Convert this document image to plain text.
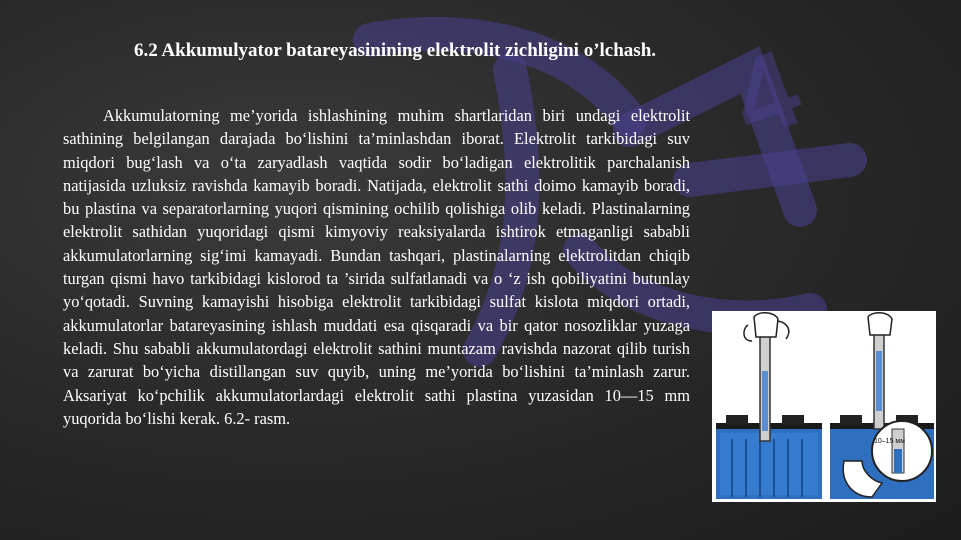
4
6.2 Akkumulyator batareyasinining elektrolit zichligini o’lchash.

Akkumulatorning me’yorida ishlashining muhim shartlaridan biri undagi elektrolit sathining belgilangan darajada bo‘lishini ta’minlashdan iborat. Elektrolit tarkibidagi suv miqdori bug‘lash va o‘ta zaryadlash vaqtida sodir bo‘ladigan elektrolitik parchalanish natijasida uzluksiz ravishda kamayib boradi. Natijada, elektrolit sathi doimo kamayib boradi, bu plastina va separatorlarning yuqori qismining ochilib qolishiga olib keladi. Plastinalarning elektrolit sathidan yuqoridagi qismi kimyoviy reaksiyalarda ishtirok etmaganligi sababli akkumulatorlarning sig‘imi kamayadi. Bundan tashqari, plastinalarning elektrolitdan chiqib turgan qismi havo tarkibidagi kislorod ta ’sirida sulfatlanadi va o ‘z ish qobiliyatini butunlay yo‘qotadi. Suvning kamayishi hisobiga elektrolit tarkibidagi sulfat kislota miqdori ortadi, akkumulatorlar batareyasining ishlash muddati esa qisqaradi va bir qator nosozliklar yuzaga keladi. Shu sababli akkumulatordagi elektrolit sathini muntazam ravishda nazorat qilib turish va zarurat bo‘yicha distillangan suv quyib, uning me’yorida bo‘lishini ta’minlash zarur. Aksariyat ko‘pchilik akkumulatorlardagi elektrolit sathi plastina yuzasidan 10—15 mm yuqorida bo‘lishi kerak. 6.2- rasm.

10–15 мм
